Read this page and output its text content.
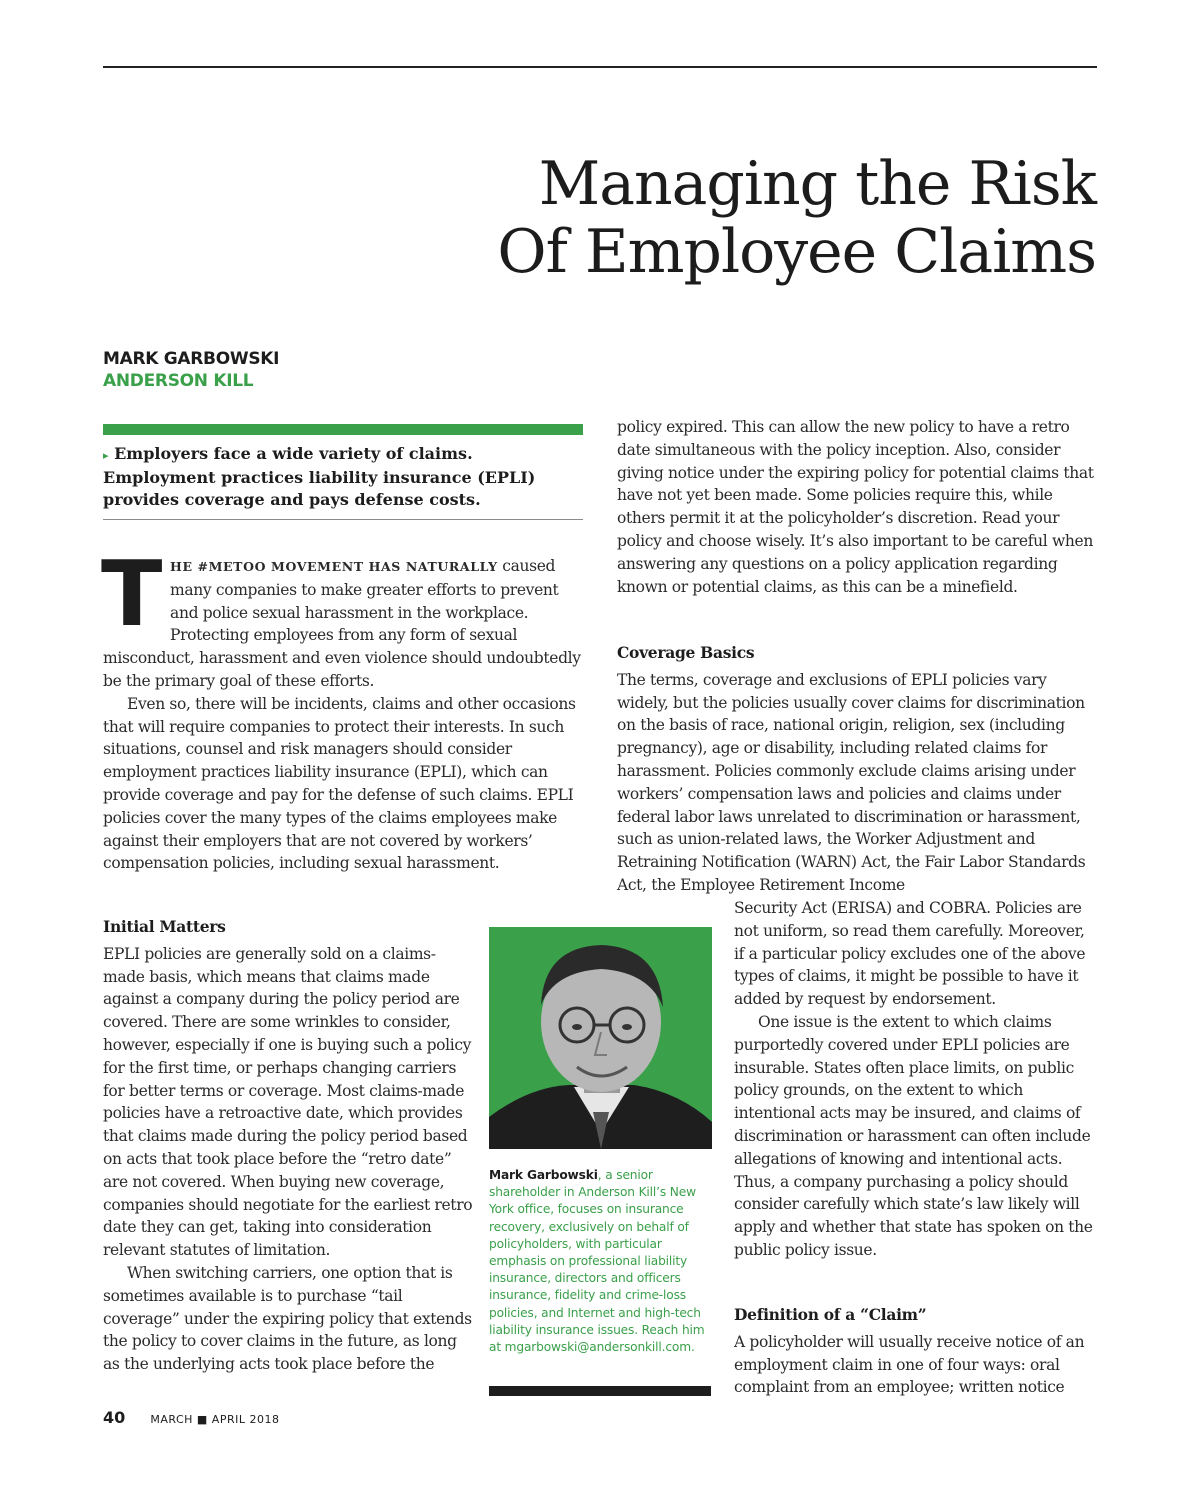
Managing the Risk
Of Employee Claims
MARK GARBOWSKI
ANDERSON KILL
▸ Employers face a wide variety of claims. Employment practices liability insurance (EPLI) provides coverage and pays defense costs.

THE #METOO MOVEMENT HAS NATURALLY caused many companies to make greater efforts to prevent and police sexual harassment in the workplace. Protecting employees from any form of sexual misconduct, harassment and even violence should undoubtedly be the primary goal of these efforts.

Even so, there will be incidents, claims and other occasions that will require companies to protect their interests. In such situations, counsel and risk managers should consider employment practices liability insurance (EPLI), which can provide coverage and pay for the defense of such claims. EPLI policies cover the many types of the claims employees make against their employers that are not covered by workers’ compensation policies, including sexual harassment.

Initial Matters

EPLI policies are generally sold on a claims-made basis, which means that claims made against a company during the policy period are covered. There are some wrinkles to consider, however, especially if one is buying such a policy for the first time, or perhaps changing carriers for better terms or coverage. Most claims-made policies have a retroactive date, which provides that claims made during the policy period based on acts that took place before the “retro date” are not covered. When buying new coverage, companies should negotiate for the earliest retro date they can get, taking into consideration relevant statutes of limitation.

When switching carriers, one option that is sometimes available is to purchase “tail coverage” under the expiring policy that extends the policy to cover claims in the future, as long as the underlying acts took place before the

Mark Garbowski, a senior shareholder in Anderson Kill’s New York office, focuses on insurance recovery, exclusively on behalf of policyholders, with particular emphasis on professional liability insurance, directors and officers insurance, fidelity and crime-loss policies, and Internet and high-tech liability insurance issues. Reach him at mgarbowski@andersonkill.com.

policy expired. This can allow the new policy to have a retro date simultaneous with the policy inception. Also, consider giving notice under the expiring policy for potential claims that have not yet been made. Some policies require this, while others permit it at the policyholder’s discretion. Read your policy and choose wisely. It’s also important to be careful when answering any questions on a policy application regarding known or potential claims, as this can be a minefield.

Coverage Basics

The terms, coverage and exclusions of EPLI policies vary widely, but the policies usually cover claims for discrimination on the basis of race, national origin, religion, sex (including pregnancy), age or disability, including related claims for harassment. Policies commonly exclude claims arising under workers’ compensation laws and policies and claims under federal labor laws unrelated to discrimination or harassment, such as union-related laws, the Worker Adjustment and Retraining Notification (WARN) Act, the Fair Labor Standards Act, the Employee Retirement Income

Security Act (ERISA) and COBRA. Policies are not uniform, so read them carefully. Moreover, if a particular policy excludes one of the above types of claims, it might be possible to have it added by request by endorsement.

One issue is the extent to which claims purportedly covered under EPLI policies are insurable. States often place limits, on public policy grounds, on the extent to which intentional acts may be insured, and claims of discrimination or harassment can often include allegations of knowing and intentional acts. Thus, a company purchasing a policy should consider carefully which state’s law likely will apply and whether that state has spoken on the public policy issue.

Definition of a “Claim”

A policyholder will usually receive notice of an employment claim in one of four ways: oral complaint from an employee; written notice

40 MARCH ■ APRIL 2018
